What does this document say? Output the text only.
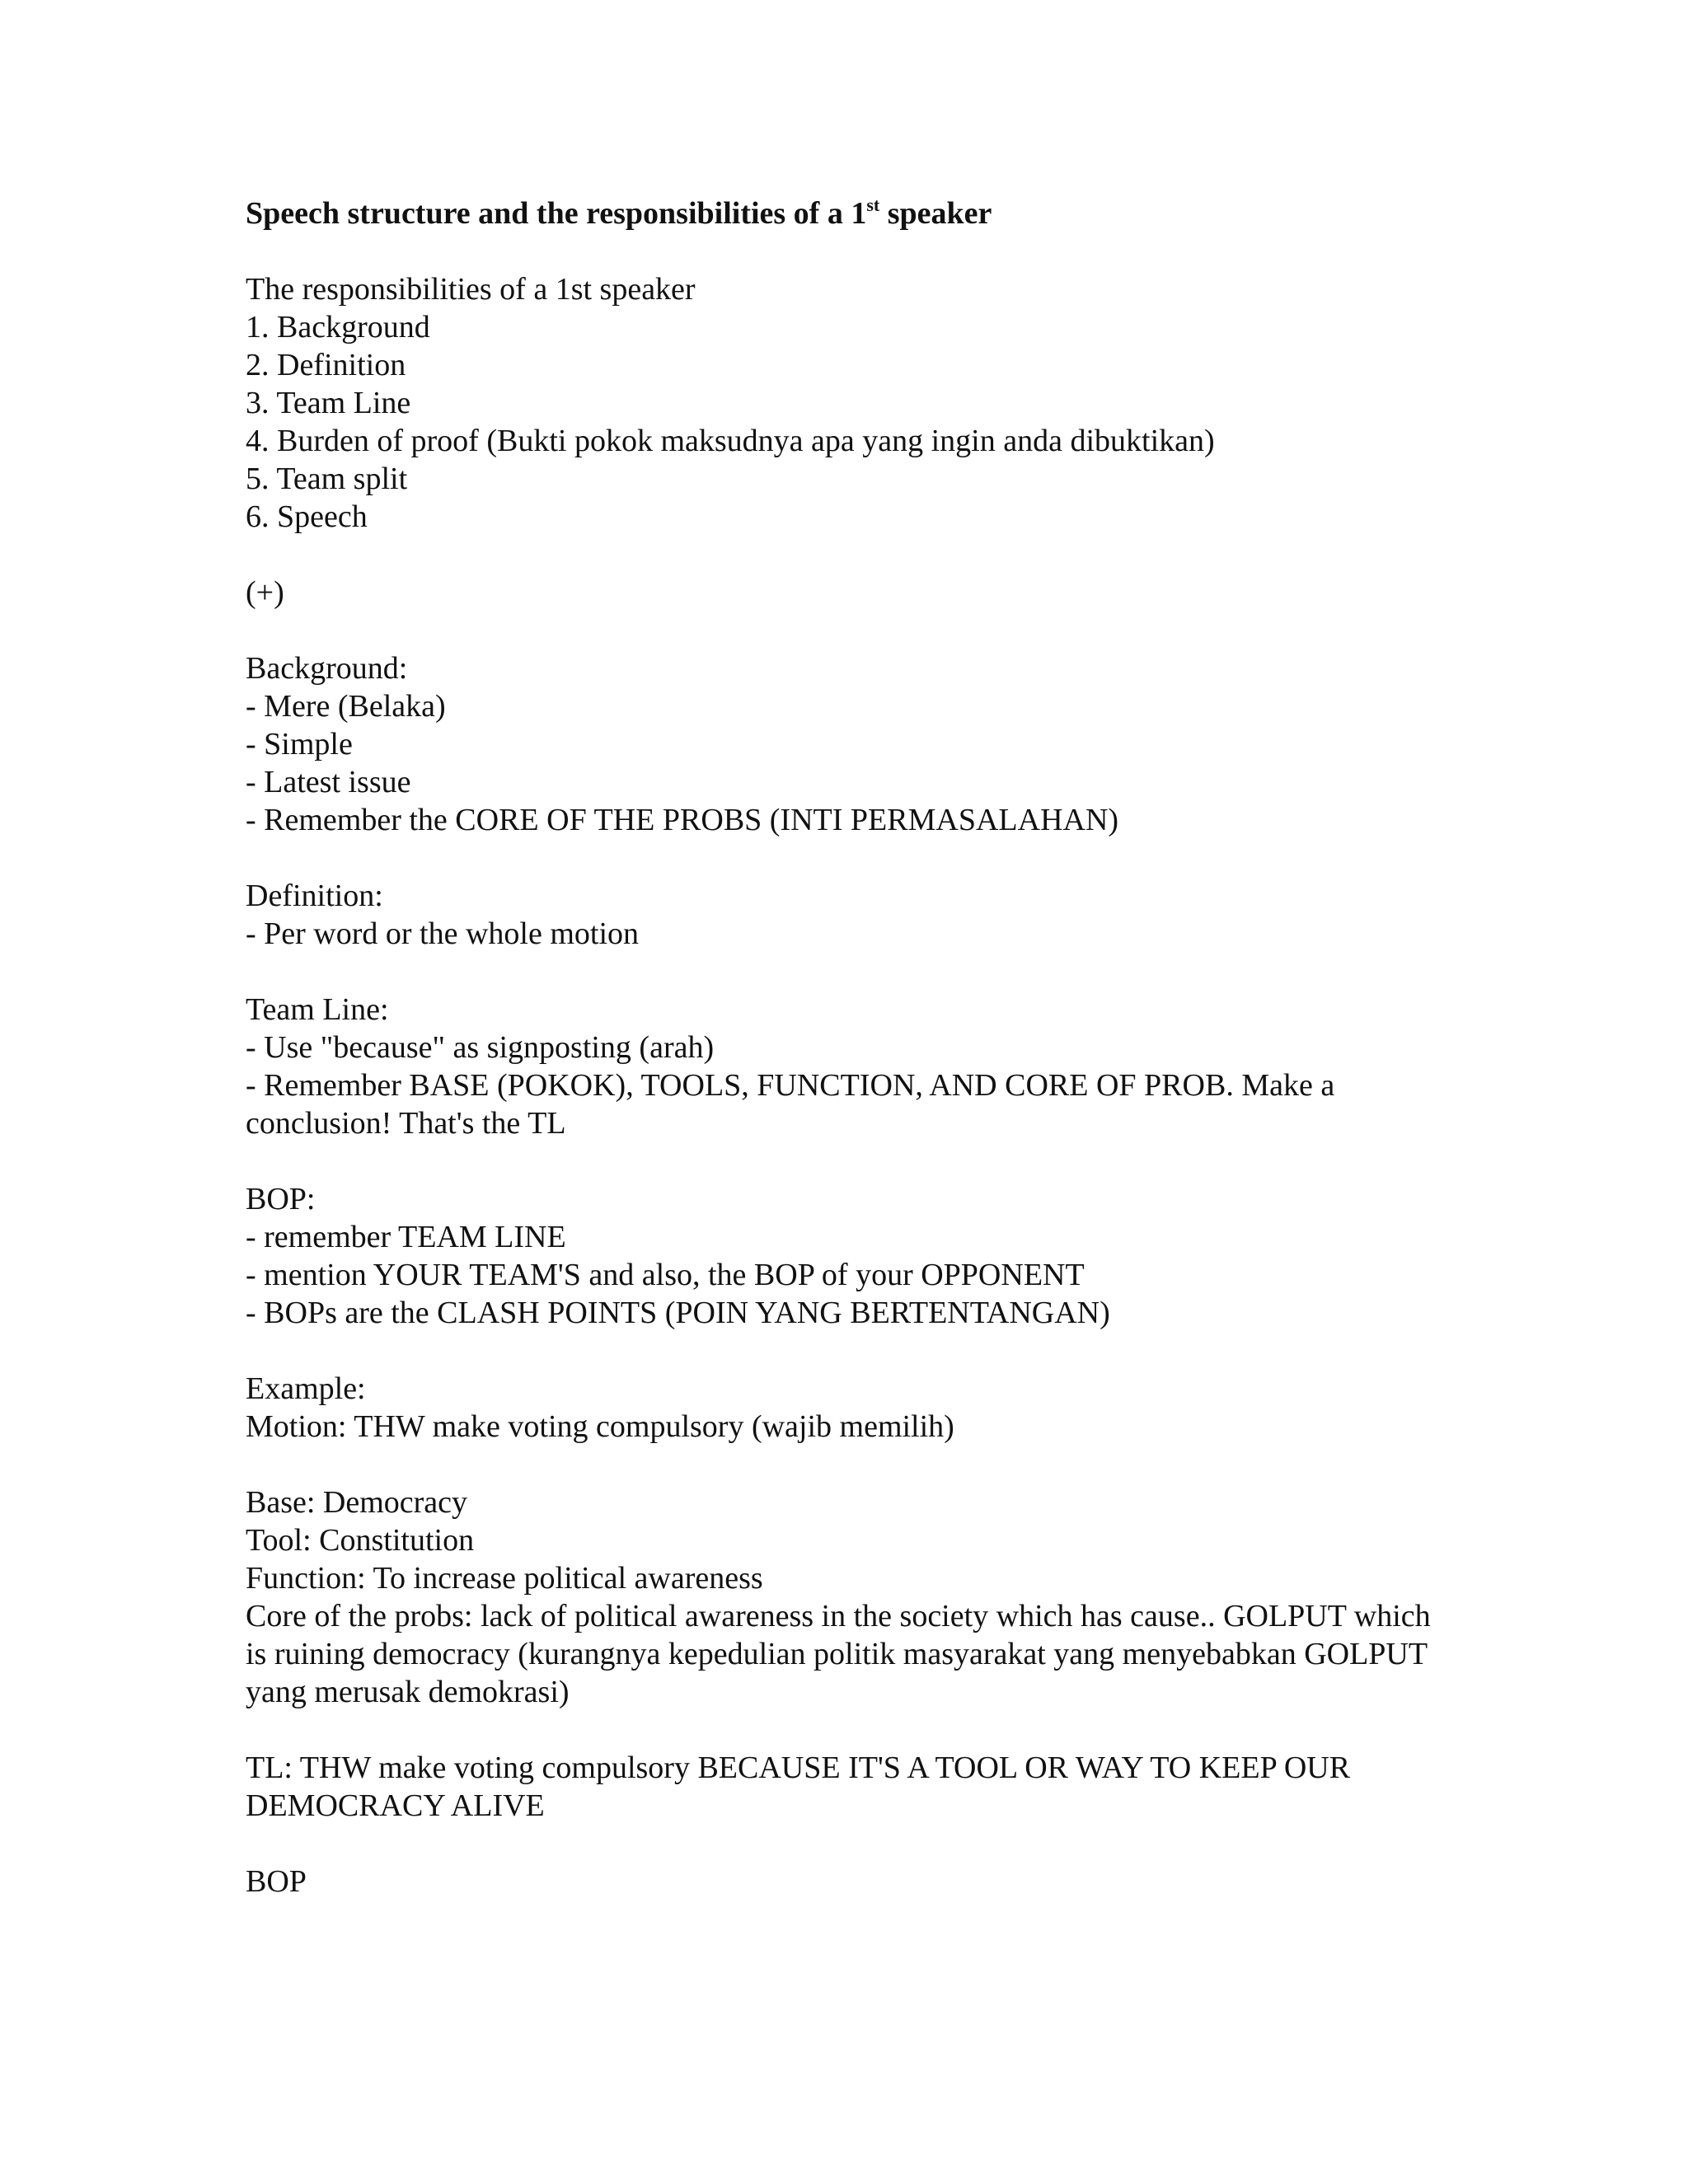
Speech structure and the responsibilities of a 1st speaker

The responsibilities of a 1st speaker
1. Background
2. Definition
3. Team Line
4. Burden of proof (Bukti pokok maksudnya apa yang ingin anda dibuktikan)
5. Team split
6. Speech
(+)
Background:
- Mere (Belaka)
- Simple
- Latest issue
- Remember the CORE OF THE PROBS (INTI PERMASALAHAN)
Definition:
- Per word or the whole motion
Team Line:
- Use "because" as signposting (arah)
- Remember BASE (POKOK), TOOLS, FUNCTION, AND CORE OF PROB. Make a conclusion! That's the TL
BOP:
- remember TEAM LINE
- mention YOUR TEAM'S and also, the BOP of your OPPONENT
- BOPs are the CLASH POINTS (POIN YANG BERTENTANGAN)
Example:
Motion: THW make voting compulsory (wajib memilih)
Base: Democracy
Tool: Constitution
Function: To increase political awareness
Core of the probs: lack of political awareness in the society which has cause.. GOLPUT which is ruining democracy (kurangnya kepedulian politik masyarakat yang menyebabkan GOLPUT yang merusak demokrasi)
TL: THW make voting compulsory BECAUSE IT'S A TOOL OR WAY TO KEEP OUR DEMOCRACY ALIVE
BOP
